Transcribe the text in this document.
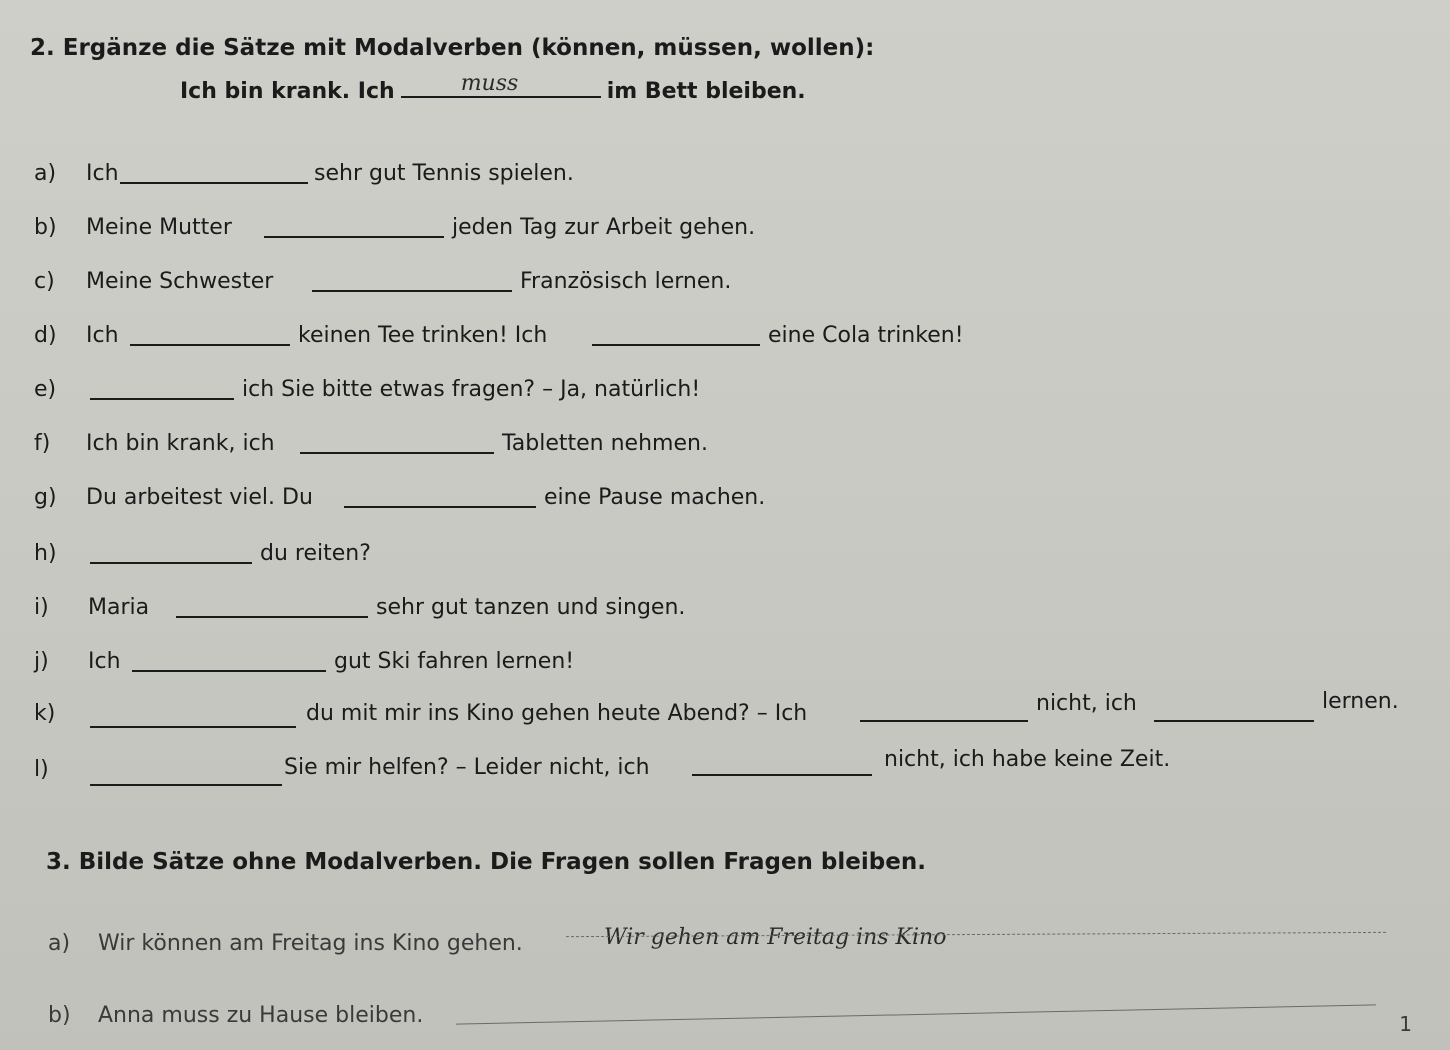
2. Ergänze die Sätze mit Modalverben (können, müssen, wollen):
Ich bin krank. Ich	muss	im Bett bleiben.
a) Ich	sehr gut Tennis spielen.
b) Meine Mutter	jeden Tag zur Arbeit gehen.
c) Meine Schwester	Französisch lernen.
d) Ich	keinen Tee trinken! Ich	eine Cola trinken!
e)	ich Sie bitte etwas fragen? – Ja, natürlich!
f) Ich bin krank, ich	Tabletten nehmen.
g) Du arbeitest viel. Du	eine Pause machen.
h)	du reiten?
i) Maria	sehr gut tanzen und singen.
j) Ich	gut Ski fahren lernen!
k)	du mit mir ins Kino gehen heute Abend? – Ich	nicht, ich	lernen.
l)	Sie mir helfen? – Leider nicht, ich	nicht, ich habe keine Zeit.
3. Bilde Sätze ohne Modalverben. Die Fragen sollen Fragen bleiben.
a) Wir können am Freitag ins Kino gehen.	Wir gehen am Freitag ins Kino
b) Anna muss zu Hause bleiben.	1
